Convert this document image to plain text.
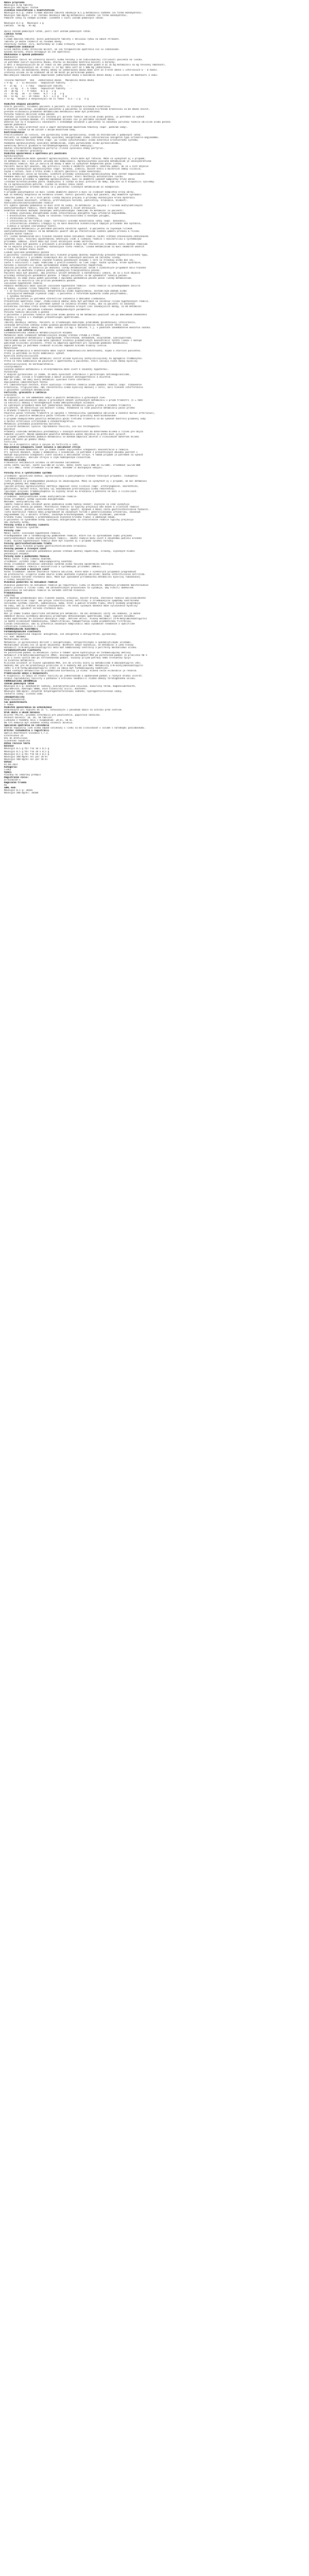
Názov prípravku
Novalgin 0,5g tablety
Novalgin 500 mg/ml roztok
Zloženie kvalitatívne i kvantitatívne
Novalgin 0,5 g: Jedna filmom obalená tableta obsahuje 0,5 g metamizolu sodného (vo forme monohydrátu).
Novalgin 500 mg/ml: 1 ml roztoku obsahuje 500 mg metamizolu sodného (vo forme monohydrátu).
Pomocné látky so známym účinkom: (uvedené v časti Zoznam pomocných látok)
Novalgin 0,5 g   Novalgin 1 g
Laktóza   58 mg   95 mg
Úplný zoznam pomocných látok, pozri časť Zoznam pomocných látok.
Lieková forma
Tableta.
Filmom obalená tableta: biele podlhovasté tablety s deliacou ryhou na oboch stranách.
Tabletu je možné rozdeliť na rovnaké dávky.
Perorálny roztok: číry, bezfarebný až slabo žltkastý roztok.
Terapeutické indikácie
Silná akútna alebo chronická bolesť, ak iné terapeutické opatrenia nie sú indikované.
Vysoká horúčka, ktorá nereaguje na iné opatrenia.
Dávkovanie a spôsob podávania
Dávkovanie
Dávkovanie závisí od intenzity bolesti alebo horúčky a od individuálnej citlivosti pacienta na liečbu.
Je potrebné zvoliť najnižšiu dávku, ktorou sa dosiahne kontrola bolesti a horúčky.
U detí a dospievajúcich do 14 rokov sa ako jednorazová dávka môže podať 8 až 16 mg metamizolu na kg telesnej hmotnosti.
Dospelí a dospievajúci od 15 rokov (> 53 kg) môžu užiť až 1 000 mg jednorazovo.
V závislosti od maximálnej dennej dávky sa jednorazová dávka môže užiť až 4-krát denne v intervaloch 6 - 8 hodín.
Zreteľný účinok sa dá očakávať 30 až 60 minút po perorálnom podaní.
Nasledujúca tabuľka uvádza odporúčané jednorazové dávky a maximálne denné dávky v závislosti od hmotnosti a veku:
Telesná hmotnosť   Vek   Jednorazová dávka   Maximálna denná dávka
< 9 kg   3 - 11 mesiacov   nepoužívať tablety   --
9 - 15 kg   1 - 3 roky   nepoužívať tablety   --
16 - 23 kg   4 - 6 rokov   nepoužívať tablety   --
24 - 30 kg   7 - 9 rokov   0,5 g   2 g
31 - 45 kg   10 - 12 rokov   0,5 - 1 g   3 g
46 - 53 kg   13 - 14 rokov   0,5 - 1,5 g   4 g
> 53 kg   dospelí a dospievajúci od 15 rokov   0,5 - 2 g   4 g
Osobitné skupiny pacientov
Starší pacienti, oslabení pacienti a pacienti so zníženým klírensom kreatinínu
U starších pacientov, oslabených pacientov a pacientov so zníženým klírensom kreatinínu sa má dávka znížiť,
pretože eliminácia produktov metabolizmu metamizolu môže byť predĺžená.
Porucha funkcie obličiek alebo pečene
Pretože rýchlosť eliminácie je znížená pri poruche funkcie obličiek alebo pečene, je potrebné sa vyhnúť
opakovaným vysokým dávkam. Pri krátkodobom užívaní nie je potrebné znižovať dávku.
Doteraz nie sú k dispozícii skúsenosti s dlhodobým užívaním u pacientov so závažnou poruchou funkcie obličiek alebo pečene.
Spôsob podávania
Tablety sa majú prehltnúť celé a zapiť dostatočným množstvom tekutiny (napr. pohárom vody).
Perorálny roztok sa má užívať s malým množstvom vody.
Kontraindikácie
Precitlivenosť na liečivo, iné pyrazolóny alebo pyrazolidíny, alebo na ktorúkoľvek z pomocných látok.
Pacienti so známym syndrómom astmy vyvolanej analgetikami alebo intoleranciou analgetík typu urtikárie-angioedému.
Porucha funkcie kostnej drene (napr. po liečbe cytostatikami) alebo ochorenia krvotvorného systému.
Anamnéza agranulocytózy vyvolanej metamizolom, inými pyrazolónmi alebo pyrazolidínmi.
Genetický deficit glukózo-6-fosfátdehydrogenázy (riziko hemolýzy).
Akútna intermitentná hepatálna porfýria (riziko vyvolania ataky porfýrie).
Posledný trimester gravidity.
Osobitné upozornenia a opatrenia pri používaní
Agranulocytóza
Liečba metamizolom môže spôsobiť agranulocytózu, ktorá môže byť fatálna. Môže sa vyskytnúť aj v prípade,
že metamizol bol v minulosti užívaný bez komplikácií. Agranulocytóza vyvolaná metamizolom je idiosynkratická
nežiaduca reakcia. Nie je závislá od dávky a môže sa vyskytnúť kedykoľvek počas liečby.
Pacienti musia byť poučení, aby prerušili liečbu a okamžite vyhľadali lekársku pomoc, ak sa u nich objavia
príznaky naznačujúce agranulocytózu (napr. horúčka, zimnica, bolesť hrdla a bolestivé zmeny sliznice,
najmä v ústach, nose a hrdle alebo v oblasti genitálií alebo konečníka).
Ak sa metamizol užíva na horúčku, niektoré príznaky vznikajúcej agranulocytózy môžu zostať nepovšimnuté.
Podobne môžu byť symptómy maskované aj u pacientov, ktorí dostávajú antibiotickú liečbu.
Ak sa objavia príznaky a symptómy agranulocytózy, musí sa okamžite vykonať kompletný krvný obraz
(vrátane diferenciálneho počtu leukocytov) a liečba sa musí prerušiť do doby, kým nie sú k dispozícii výsledky.
Ak sa agranulocytóza potvrdí, liečba sa nesmie znovu začať.
Rutinné sledovanie krvného obrazu sa u pacientov liečených metamizolom už neodporúča.
Pancytopénia
V prípade pancytopénie sa musí liečba okamžite ukončiť a musí sa sledovať kompletný krvný obraz,
kým sa hodnoty neupravia na normálnu úroveň. Všetci pacienti majú byť poučení, aby okamžite vyhľadali
lekársku pomoc, ak sa u nich počas liečby objavia prejavy a príznaky naznačujúce krvnú dyskráziu
(napr. celková nevoľnosť, infekcia, pretrvávajúca horúčka, podliatiny, krvácanie, bledosť).
Anafylaktické/anafylaktoidné reakcie
Pri výbere spôsobu podávania sa musí brať do úvahy, že metamizol je spojený s rizikom anafylaktických/
anafylaktoidných reakcií, ktoré môžu byť závažné a život ohrozujúce.
Osobitne ohrození možnými závažnými anafylaktoidnými reakciami na metamizol sú pacienti:
- s astmou vyvolanou analgetikami alebo intoleranciou analgetík typu urtikárie-angioedému,
- s bronchiálnou astmou, najmä so súčasnou rinosinusitídou a nosovými polypmi,
- s chronickou urtikáriou,
- s intoleranciou na farbivá (napr. tartrazín) a/alebo konzervačné látky (napr. benzoáty),
- s intoleranciou alkoholu (reagujú aj na malé množstvá alkoholických nápojov príznakmi ako kýchanie,
slzenie a výrazné sčervenanie tváre).
Pred podaním metamizolu je potrebné pacienta náležite vypočuť. U pacientov so zvýšeným rizikom
anafylaktoidných reakcií sa má metamizol použiť iba po starostlivom zvážení pomeru prínosu a rizika.
Závažné kožné reakcie
Pri liečbe metamizolom boli hlásené závažné kožné nežiaduce reakcie (SCAR) vrátane Stevensovho-Johnsonovho
syndrómu (SJS), toxickej epidermálnej nekrolýzy (TEN) a liekovej reakcie s eozinofíliou a systémovými
príznakmi (DRESS), ktoré môžu byť život ohrozujúce alebo smrteľné.
Pacienti majú byť poučení o prejavoch a príznakoch a majú byť starostlivo sledovaní kvôli kožným reakciám.
Ak sa objavia prejavy a príznaky naznačujúce tieto reakcie, liečba metamizolom sa musí okamžite ukončiť
a nikdy sa nesmie znovu začať.
Liekom vyvolané poškodenie pečene
U pacientov liečených metamizolom boli hlásené prípady akútnej hepatitídy prevažne hepatocelulárneho typu,
ktoré sa objavili v priebehu niekoľkých dní až niekoľkých mesiacov od začiatku liečby.
Prejavy a príznaky zahŕňali zvýšené hladiny pečeňových enzýmov v sére so žltačkou alebo bez nej,
často v súvislosti s inými reakciami z precitlivenosti na liek (napr. kožná vyrážka, krvné dyskrázie,
horúčka a eozinofília) alebo sprevádzané znakmi autoimunitnej hepatitídy.
Väčšina pacientov sa zotavila po ukončení liečby metamizolom; avšak v ojedinelých prípadoch bola hlásená
progresia do akútneho zlyhania pečene vyžadujúca transplantáciu pečene.
Pacienti majú byť poučení, aby prestali užívať metamizol a kontaktovali lekára, ak sa u nich objavia
príznaky naznačujúce poškodenie pečene. U takých pacientov sa má vyhodnotiť funkcia pečene.
Metamizol sa nemá znovu podať pacientom s epizódou poškodenia pečene počas liečby metamizolom,
pre ktorú sa nezistila iná príčina poškodenia pečene.
Izolované hypotenzné reakcie
Podanie metamizolu môže vyvolať izolované hypotenzné reakcie. Tieto reakcie sú pravdepodobne závislé
od dávky. Zvýšené riziko takýchto reakcií je u pacientov:
- s už existujúcou hypotenziou, dehydratáciou alebo hypovolémiou, nestabilným obehom alebo
začínajúcim obehovým zlyhaním (napr. u pacientov s infarktom myokardu alebo polytraumou),
- s vysokou horúčkou.
U týchto pacientov je potrebná starostlivá indikácia a dôkladné sledovanie.
Preventívne opatrenia (napr. stabilizácia obehu) môžu byť potrebné na zníženie rizika hypotenzných reakcií.
U pacientov, u ktorých je potrebné vyhnúť sa zníženiu krvného tlaku, ako sú pacienti so závažnou
koronárnou chorobou srdca alebo relevantnou stenózou krvných ciev zásobujúcich mozog, sa má metamizol
používať len pri dôkladnom sledovaní hemodynamických parametrov.
Porucha funkcie obličiek a pečene
U pacientov s poruchou funkcie obličiek alebo pečene sa má metamizol používať len po dôkladnom zhodnotení
prínosu a rizika a s vhodnými preventívnymi opatreniami.
Pomocné látky
Tablety obsahujú laktózu. Pacienti so zriedkavými dedičnými problémami galaktózovej intolerancie,
celkovým deficitom laktázy alebo glukózo-galaktózovou malabsorpciou nesmú užívať tento liek.
Tento liek obsahuje menej ako 1 mmol sodíka (23 mg) v tablete, t.j. v podstate zanedbateľné množstvo sodíka.
Liekové a iné interakcie
Farmakokinetická indukcia metabolizujúcich enzýmov
Metamizol môže indukovať metabolizujúce enzýmy vrátane CYP2B6 a CYP3A4.
Súčasné podávanie metamizolu s bupropiónom, efavirenzom, metadónom, valproátom, cyklosporínom,
takrolimom alebo sertralínom môže spôsobiť zníženie plazmatických koncentrácií týchto liekov s možným
poklesom klinickej účinnosti. Preto sa odporúča opatrnosť pri súčasnom podávaní metamizolu;
podľa potreby je potrebné sledovať klinickú odpoveď a/alebo hladiny liečiva.
Metotrexát
Pridanie metamizolu k metotrexátu môže zvýšiť hematotoxicitu metotrexátu, najmä u starších pacientov.
Preto je potrebné sa tejto kombinácii vyhnúť.
Kyselina acetylsalicylová
Pri súčasnom užívaní môže metamizol znížiť účinok kyseliny acetylsalicylovej na agregáciu trombocytov.
Preto sa táto kombinácia má používať s opatrnosťou u pacientov, ktorí užívajú nízke dávky kyseliny
acetylsalicylovej na kardioprotekciu.
Chlórpromazín
Súčasné podanie metamizolu a chlórpromazínu môže viesť k závažnej hypotermii.
Pyrazolóny
O skupine pyrazolónov je známe, že môžu vyvolávať interakcie s perorálnymi antikoagulanciami,
kaptoprilom, lítiom a triamterénom a meniť účinnosť antihypertenzív a diuretík.
Nie je známe, do akej miery metamizol vyvoláva tieto interakcie.
Ovplyvnenie laboratórnych testov
Pri laboratórnych testoch, ktoré využívajú Trinderovu reakciu alebo podobnú reakciu (napr. stanovenie
kreatinínu, triglyceridov, HDL cholesterolu alebo kyseliny močovej v sére), boli hlásené interferencie
u pacientov liečených metamizolom.
Fertilita, gravidita a laktácia
Gravidita
K dispozícii sú len obmedzené údaje o použití metamizolu u gravidných žien.
Na základe publikovaných údajov o gravidných ženách vystavených metamizolu v prvom trimestri (n = 568)
sa nezistili dôkazy o teratogénnych alebo embryotoxických účinkoch.
Vo vybraných prípadoch môžu byť jednorazové dávky metamizolu počas prvého a druhého trimestra
prijateľné, ak neexistuje iná možnosť liečby. Všeobecne sa však použitie metamizolu počas prvého
a druhého trimestra neodporúča.
Použitie počas tretieho trimestra je spojené s fetotoxicitou (poškodenie obličiek a zúženie ductus arteriosus),
a preto je použitie metamizolu počas tretieho trimestra gravidity kontraindikované.
V prípade neúmyselného použitia metamizolu počas tretieho trimestra sa má vykonať kontrola plodovej vody
a ductus arteriosus ultrazvukom a echokardiografiou.
Metamizol prechádza placentárnou bariérou.
U zvierat metamizol vyvolal reprodukčnú toxicitu, ale nie teratogenitu.
Dojčenie
Produkty rozkladu metamizolu prechádzajú v značných množstvách do materského mlieka a riziko pre dojča
nemožno vylúčiť. Najmä opakované použitie metamizolu počas dojčenia sa preto musí vylúčiť.
V prípade jednorazového podania metamizolu sa matkám odporúča zbierať a zlikvidovať materské mlieko
počas 48 hodín po podaní dávky.
Fertilita
Nie sú k dispozícii údaje o vplyve na fertilitu u ľudí.
Ovplyvnenie schopnosti viesť vozidlá a obsluhovať stroje
Pri odporúčanom dávkovaní nie je známe žiadne ovplyvnenie schopnosti koncentrácie a reakcie.
Pri vyšších dávkach, najmä v kombinácii s alkoholom, je potrebné z preventívnych dôvodov počítať s
možným ovplyvnením schopnosti viesť vozidlá a obsluhovať stroje. V takom prípade je potrebné sa vyhnúť
vedeniu vozidiel, obsluhe strojov a iným nebezpečným činnostiam.
Nežiaduce účinky
Frekvencie nežiaducich účinkov sú definované nasledovne:
veľmi časté (≥1/10), časté (≥1/100 až <1/10), menej časté (≥1/1 000 až <1/100), zriedkavé (≥1/10 000
až <1/1 000), veľmi zriedkavé (<1/10 000), neznáme (z dostupných údajov).
Poruchy krvi a lymfatického systému
Zriedkavé: aplastická anémia, agranulocytóza a pancytopénia vrátane fatálnych prípadov, leukopénia
a trombocytopénia.
Tieto reakcie sa pravdepodobne považujú za imunologické. Môžu sa vyskytnúť aj v prípade, ak bol metamizol
predtým podaný bez komplikácií.
Typické prejavy agranulocytózy zahŕňajú zápalové lézie sliznice (napr. orofaryngeálne, anorektálne,
genitálne), bolesť hrdla, horúčku (aj neočakávane pretrvávajúcu alebo rekurentnú).
Typickými prejavmi trombocytopénie sú zvýšený sklon ku krvácaniu a petechie na koži a slizniciach.
Poruchy imunitného systému
Zriedkavé: anafylaktoidné alebo anafylaktické reakcie.
Veľmi zriedkavé: astma vyvolaná analgetikami.
Neznáme: anafylaktický šok.
Takéto reakcie môžu vzniknúť počas podávania alebo hodiny neskôr; zvyčajne sa však vyskytujú
počas prvej hodiny po podaní. Miernejšie reakcie sa typicky prejavujú ako kožné a slizničné reakcie
(ako svrbenie, pálenie, začervenanie, urtikária, opuch), dyspnoe a menej často gastrointestinálne ťažkosti.
Tieto miernejšie reakcie môžu progredovať do závažných foriem s generalizovanou urtikáriou, závažným
angioedémom (aj v oblasti hrtana), závažným bronchospazmom, srdcovými arytmiami, poklesom
krvného tlaku (niekedy s predchádzajúcim zvýšením krvného tlaku) a obehovým šokom.
U pacientov so syndrómom astmy vyvolanej analgetikami sa intolerančné reakcie typicky prejavujú
ako záchvaty astmy.
Poruchy srdca a srdcovej činnosti
Neznáme: Kounisov syndróm.
Poruchy ciev
Menej časté: izolované hypotenzné reakcie.
Pravdepodobne ide o farmakologicky podmienené reakcie, ktoré nie sú sprevádzané inými prejavmi
anafylaktoidných alebo anafylaktických reakcií. Takéto reakcie môžu viesť k závažnému poklesu krvného
tlaku. Riziko hypotenzných reakcií môže byť zvýšené aj v prípade vysokej horúčky.
Poruchy gastrointestinálneho traktu
Neznáme: boli hlásené prípady gastrointestinálneho krvácania.
Poruchy pečene a žlčových ciest
Neznáme: liekom vyvolané poškodenie pečene vrátane akútnej hepatitídy, žltačky, zvýšených hladín
pečeňových enzýmov.
Poruchy kože a podkožného tkaniva
Menej časté: fixný liekový exantém.
Zriedkavé: vyrážka (napr. makulopapulárny exantém).
Veľmi zriedkavé: Stevensov-Johnsonov syndróm alebo toxická epidermálna nekrolýza.
Neznáme: lieková reakcia s eozinofíliou a systémovými príznakmi (DRESS).
Poruchy obličiek a močových ciest
Veľmi zriedkavé: akútne zhoršenie funkcie obličiek, ktoré môže v niektorých prípadoch progredovať
do proteinúrie, oligúrie alebo anúrie alebo akútneho zlyhania obličiek; akútna intersticiálna nefritída.
Bolo hlásené červené sfarbenie moču. Môže byť spôsobené prítomnosťou metabolitu kyseliny rubazónovej
v nízkej koncentrácii.
Hlásenie podozrení na nežiaduce reakcie
Hlásenie podozrení na nežiaduce reakcie po registrácii lieku je dôležité. Umožňuje priebežné monitorovanie
pomeru prínosu a rizika lieku. Od zdravotníckych pracovníkov sa vyžaduje, aby hlásili akékoľvek
podozrenia na nežiaduce reakcie na národné centrum hlásenia.
Predávkovanie
Symptómy
Pri akútnom predávkovaní boli hlásené nauzea, vracanie, bolesť brucha, zhoršenie funkcie obličiek/akútne
zlyhanie obličiek (napr. ako prejav intersticiálnej nefritídy) a zriedkavejšie symptómy centrálneho
nervového systému (závrat, somnolencia, kóma, kŕče) a pokles krvného tlaku, ktorý niekedy progreduje
do šoku, ako aj srdcové arytmie (tachykardia). Po veľmi vysokých dávkach môže vylučovanie kyseliny
rubazónovej spôsobiť červené sfarbenie moču.
Liečba
Nie je známe žiadne špecifické antidotum pre metamizol. Ak bol metamizol užitý len nedávno, je možné
obmedziť ďalšiu systémovú absorpciu primárnymi detoxikačnými opatreniami (napr. výplach žalúdka)
alebo opatreniami na zníženie absorpcie (napr. aktívne uhlie). Hlavný metabolit (4-N-metylaminoantipyrín)
je možné eliminovať hemodialýzou, hemofiltráciou, hemoperfúziou alebo plazmatickou filtráciou.
Liečba intoxikácie, ako aj prevencia závažných komplikácií môžu vyžadovať všeobecné a špecifické
intenzívne sledovanie a liečbu.
FARMAKOLOGICKÉ VLASTNOSTI
Farmakodynamické vlastnosti
Farmakoterapeutická skupina: analgetiká, iné analgetiká a antipyretiká, pyrazolóny.
ATC kód: N02BB02
Mechanizmus účinku
Metamizol je pyrazolónový derivát s analgetickými, antipyretickými a spazmolytickými účinkami.
Mechanizmus účinku nie je úplne objasnený. Niektoré údaje naznačujú, že metamizol a jeho hlavný
metabolit (4-N-metylaminoantipyrín) môžu mať kombinovaný centrálny a periférny mechanizmus účinku.
Farmakokinetické vlastnosti
Po perorálnom podaní sa metamizol rýchlo a takmer úplne hydrolyzuje na farmakologicky aktívny
metabolit 4-N-metylaminoantipyrín (MAA). Biologická dostupnosť MAA po perorálnom podaní je približne 90 %
a je o niečo vyššia ako po intravenóznom podaní. Súčasný príjem potravy nemá relevantný vplyv
na kinetiku metamizolu.
Klinická účinnosť je hlavne spôsobená MAA, ale do určitej miery aj metabolitom 4-aminoantipyrín (AA).
Hodnoty AUC pre AA predstavujú približne 25 % hodnoty AUC pre MAA. Metabolity 4-N-acetylaminoantipyrín
(AAA) a 4-N-formylaminoantipyrín (FAA) sa zdajú byť farmakologicky neaktívne.
Väzba všetkých metabolitov na plazmatické bielkoviny je nízka. Hlavná cesta eliminácie je renálna.
Predklinické údaje o bezpečnosti
K dispozícii sú údaje zo štúdií toxicity po jednorazovom a opakovanom podaní u rôznych druhov zvierat.
Štúdie reprodukčnej toxicity u potkanov a králikov neodhalili žiadne dôkazy teratogénneho účinku.
FARMACEUTICKÉ INFORMÁCIE
Zoznam pomocných látok
Novalgin 0,5 g: monohydrát laktózy, mikrokryštalická celulóza, kukuričný škrob, magnéziumstearát,
hypromelóza, makrogol 8000, oxid titaničitý (E171), mastenec.
Novalgin 500 mg/ml: dihydrát dihydrogenfosforečnanu sodného, hydrogenfosforečnan sodný,
sacharín sodný, čistená voda.
Inkompatibility
Neaplikovateľné.
Čas použiteľnosti
5 rokov.
Osobitné upozornenia na uchovávanie
Uchovávajte pri teplote do 25 °C. Uchovávajte v pôvodnom obale na ochranu pred svetlom.
Druh obalu a obsah balenia
Blister PVC/Al, písomná informácia pre používateľa, papierová škatuľka.
Veľkosť balenia: 10, 20, 50 tabliet.
Liekovka z hnedého skla s kvapkadlom: 20 ml, 50 ml.
Na trh nemusia byť uvedené všetky veľkosti balenia.
Špeciálne opatrenia na likvidáciu
Všetok nepoužitý liek alebo odpad vzniknutý z lieku sa má zlikvidovať v súlade s národnými požiadavkami.
Držiteľ rozhodnutia o registrácii
Opella Healthcare Slovakia s.r.o.
Einsteinova 24
851 01 Bratislava
Slovenská republika
Dátum revízie textu
Balenie
Novalgin 0,5 g tbl flm 10 x 0,5 g
Novalgin 0,5 g tbl flm 20 x 0,5 g
Novalgin 0,5 g tbl flm 50 x 0,5 g
Novalgin 500 mg/ml sol por 20 ml
Novalgin 500 mg/ml sol por 50 ml
Dátum:
01.06.2023
Kategória:
Lieky
Výdaj:
Viazaný na lekársky predpis
Registračné číslo:
07/0150/69-S
Regulačná trieda:
Rx
ŠÚKL kód:
Novalgin 0,5 g: 30165
Novalgin 500 mg/ml: 30180
